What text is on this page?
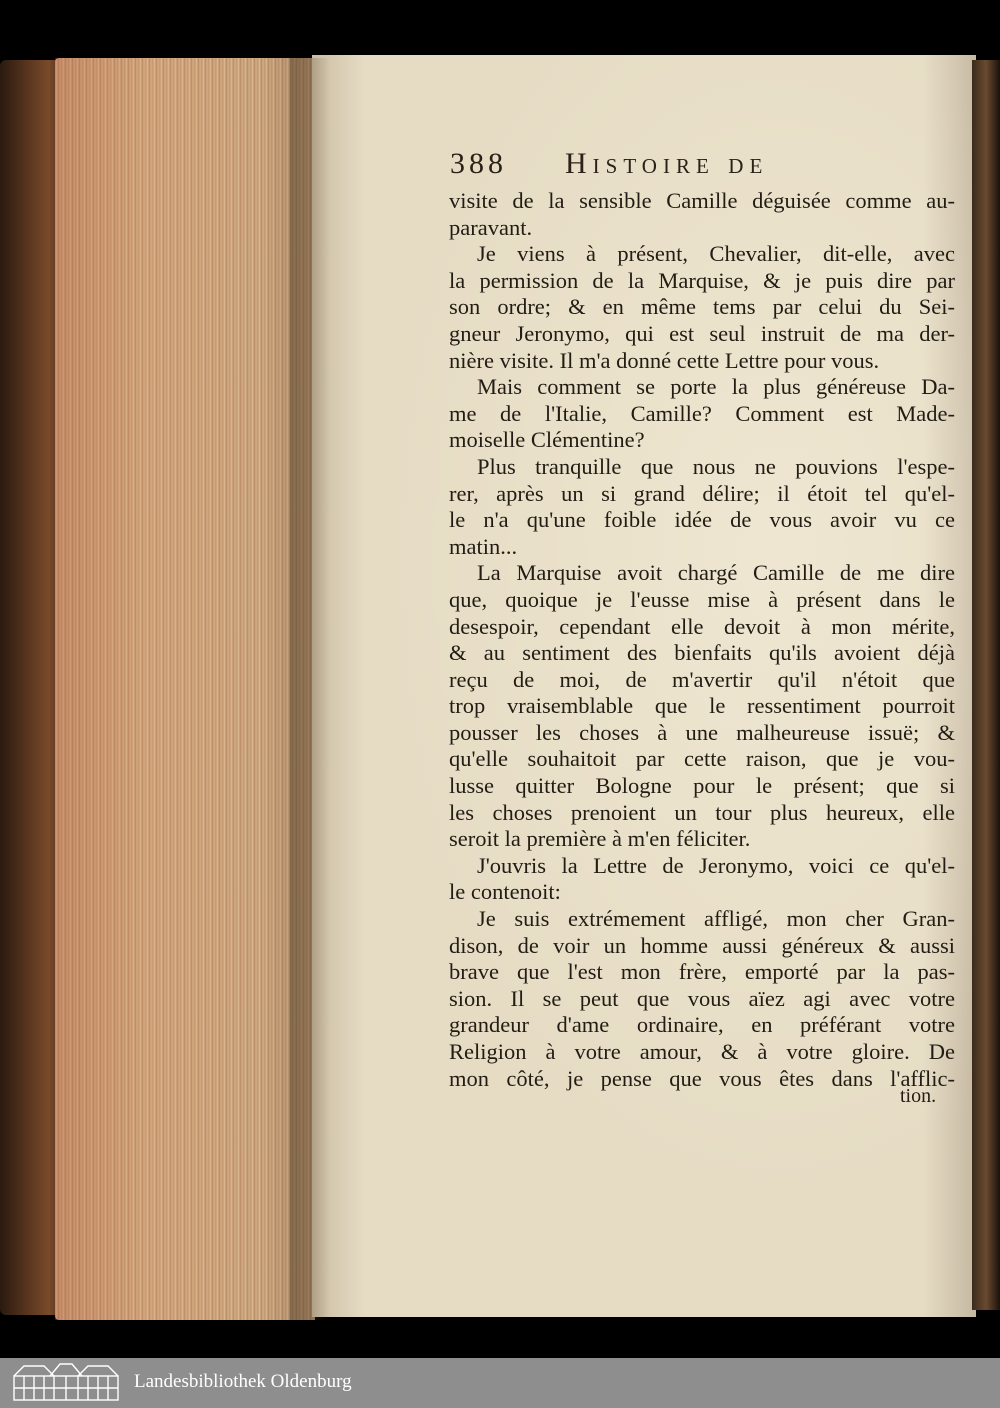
388 Histoire de
visite de la sensible Camille déguisée comme au-
paravant.
Je viens à présent, Chevalier, dit-elle, avec
la permission de la Marquise, & je puis dire par
son ordre; & en même tems par celui du Sei-
gneur Jeronymo, qui est seul instruit de ma der-
nière visite. Il m'a donné cette Lettre pour vous.
Mais comment se porte la plus généreuse Da-
me de l'Italie, Camille? Comment est Made-
moiselle Clémentine?
Plus tranquille que nous ne pouvions l'espe-
rer, après un si grand délire; il étoit tel qu'el-
le n'a qu'une foible idée de vous avoir vu ce
matin...
La Marquise avoit chargé Camille de me dire
que, quoique je l'eusse mise à présent dans le
desespoir, cependant elle devoit à mon mérite,
& au sentiment des bienfaits qu'ils avoient déjà
reçu de moi, de m'avertir qu'il n'étoit que
trop vraisemblable que le ressentiment pourroit
pousser les choses à une malheureuse issuë; &
qu'elle souhaitoit par cette raison, que je vou-
lusse quitter Bologne pour le présent; que si
les choses prenoient un tour plus heureux, elle
seroit la première à m'en féliciter.
J'ouvris la Lettre de Jeronymo, voici ce qu'el-
le contenoit:
Je suis extrémement affligé, mon cher Gran-
dison, de voir un homme aussi généreux & aussi
brave que l'est mon frère, emporté par la pas-
sion. Il se peut que vous aïez agi avec votre
grandeur d'ame ordinaire, en préférant votre
Religion à votre amour, & à votre gloire. De
mon côté, je pense que vous êtes dans l'afflic-
tion.
Landesbibliothek Oldenburg
